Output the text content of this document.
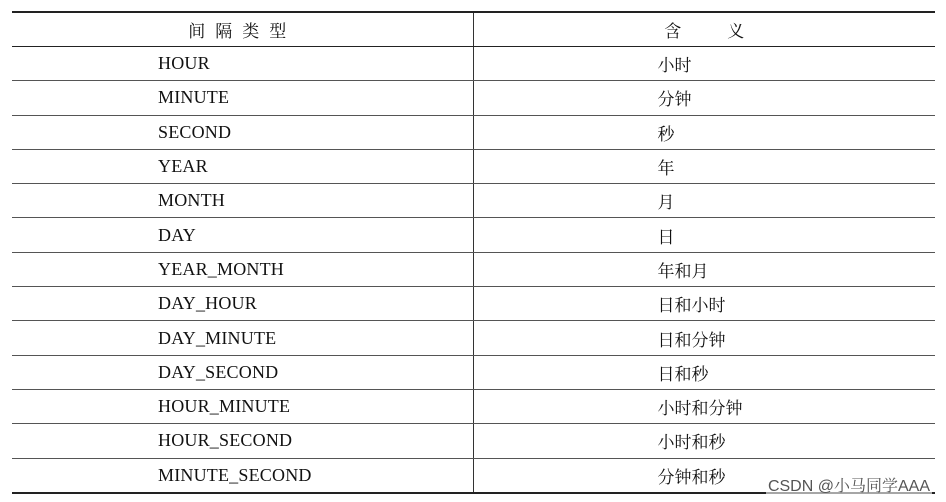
间隔类型	含义
HOUR	小时
MINUTE	分钟
SECOND	秒
YEAR	年
MONTH	月
DAY	日
YEAR_MONTH	年和月
DAY_HOUR	日和小时
DAY_MINUTE	日和分钟
DAY_SECOND	日和秒
HOUR_MINUTE	小时和分钟
HOUR_SECOND	小时和秒
MINUTE_SECOND	分钟和秒	CSDN @小马同学AAA
